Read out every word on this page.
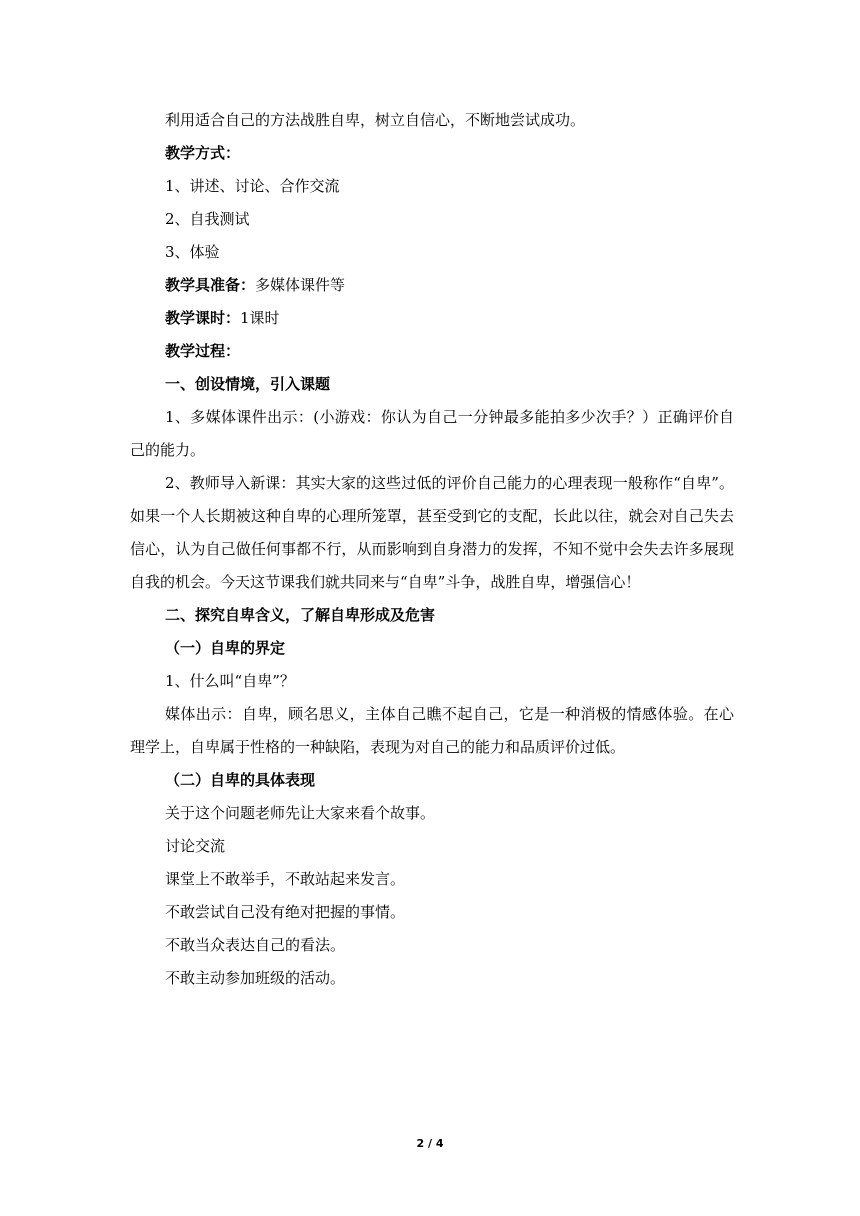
利用适合自己的方法战胜自卑，树立自信心，不断地尝试成功。

教学方式：

1、讲述、讨论、合作交流

2、自我测试

3、体验

教学具准备：多媒体课件等

教学课时：1课时

教学过程：

一、创设情境，引入课题

1、多媒体课件出示：(小游戏：你认为自己一分钟最多能拍多少次手？）正确评价自己的能力。

2、教师导入新课：其实大家的这些过低的评价自己能力的心理表现一般称作“自卑”。如果一个人长期被这种自卑的心理所笼罩，甚至受到它的支配，长此以往，就会对自己失去信心，认为自己做任何事都不行，从而影响到自身潜力的发挥，不知不觉中会失去许多展现自我的机会。今天这节课我们就共同来与“自卑”斗争，战胜自卑，增强信心！

二、探究自卑含义，了解自卑形成及危害

（一）自卑的界定

1、什么叫“自卑”？

媒体出示：自卑，顾名思义，主体自己瞧不起自己，它是一种消极的情感体验。在心理学上，自卑属于性格的一种缺陷，表现为对自己的能力和品质评价过低。

（二）自卑的具体表现

关于这个问题老师先让大家来看个故事。

讨论交流

课堂上不敢举手，不敢站起来发言。

不敢尝试自己没有绝对把握的事情。

不敢当众表达自己的看法。

不敢主动参加班级的活动。

2 / 4
